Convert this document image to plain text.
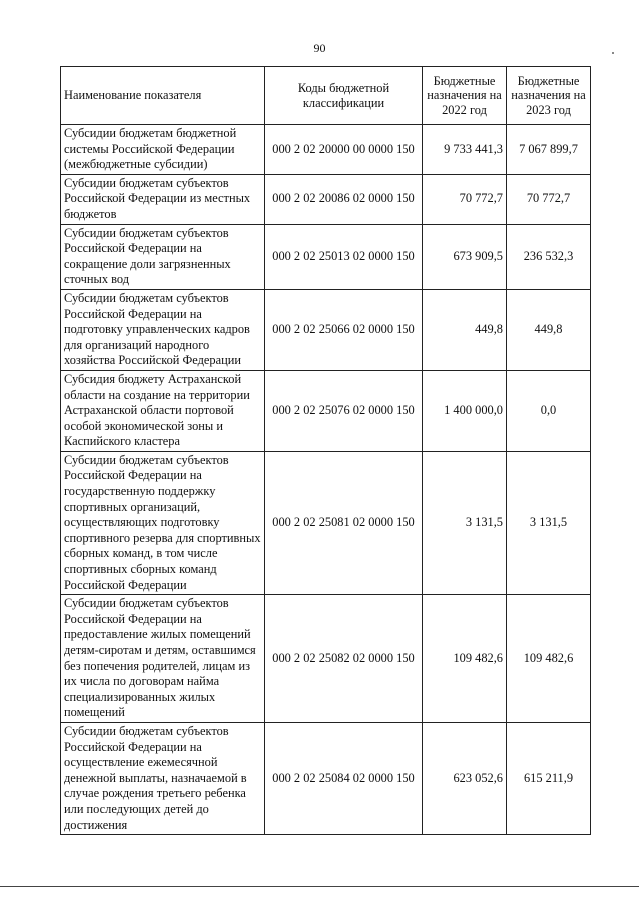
90
Наименование показателя	Коды бюджетной классификации	Бюджетные назначения на 2022 год	Бюджетные назначения на 2023 год
Субсидии бюджетам бюджетной системы Российской Федерации (межбюджетные субсидии)	000 2 02 20000 00 0000 150	9 733 441,3	7 067 899,7
Субсидии бюджетам субъектов Российской Федерации из местных бюджетов	000 2 02 20086 02 0000 150	70 772,7	70 772,7
Субсидии бюджетам субъектов Российской Федерации на сокращение доли загрязненных сточных вод	000 2 02 25013 02 0000 150	673 909,5	236 532,3
Субсидии бюджетам субъектов Российской Федерации на подготовку управленческих кадров для организаций народного хозяйства Российской Федерации	000 2 02 25066 02 0000 150	449,8	449,8
Субсидия бюджету Астраханской области на создание на территории Астраханской области портовой особой экономической зоны и Каспийского кластера	000 2 02 25076 02 0000 150	1 400 000,0	0,0
Субсидии бюджетам субъектов Российской Федерации на государственную поддержку спортивных организаций, осуществляющих подготовку спортивного резерва для спортивных сборных команд, в том числе спортивных сборных команд Российской Федерации	000 2 02 25081 02 0000 150	3 131,5	3 131,5
Субсидии бюджетам субъектов Российской Федерации на предоставление жилых помещений детям-сиротам и детям, оставшимся без попечения родителей, лицам из их числа по договорам найма специализированных жилых помещений	000 2 02 25082 02 0000 150	109 482,6	109 482,6
Субсидии бюджетам субъектов Российской Федерации на осуществление ежемесячной денежной выплаты, назначаемой в случае рождения третьего ребенка или последующих детей до достижения	000 2 02 25084 02 0000 150	623 052,6	615 211,9
